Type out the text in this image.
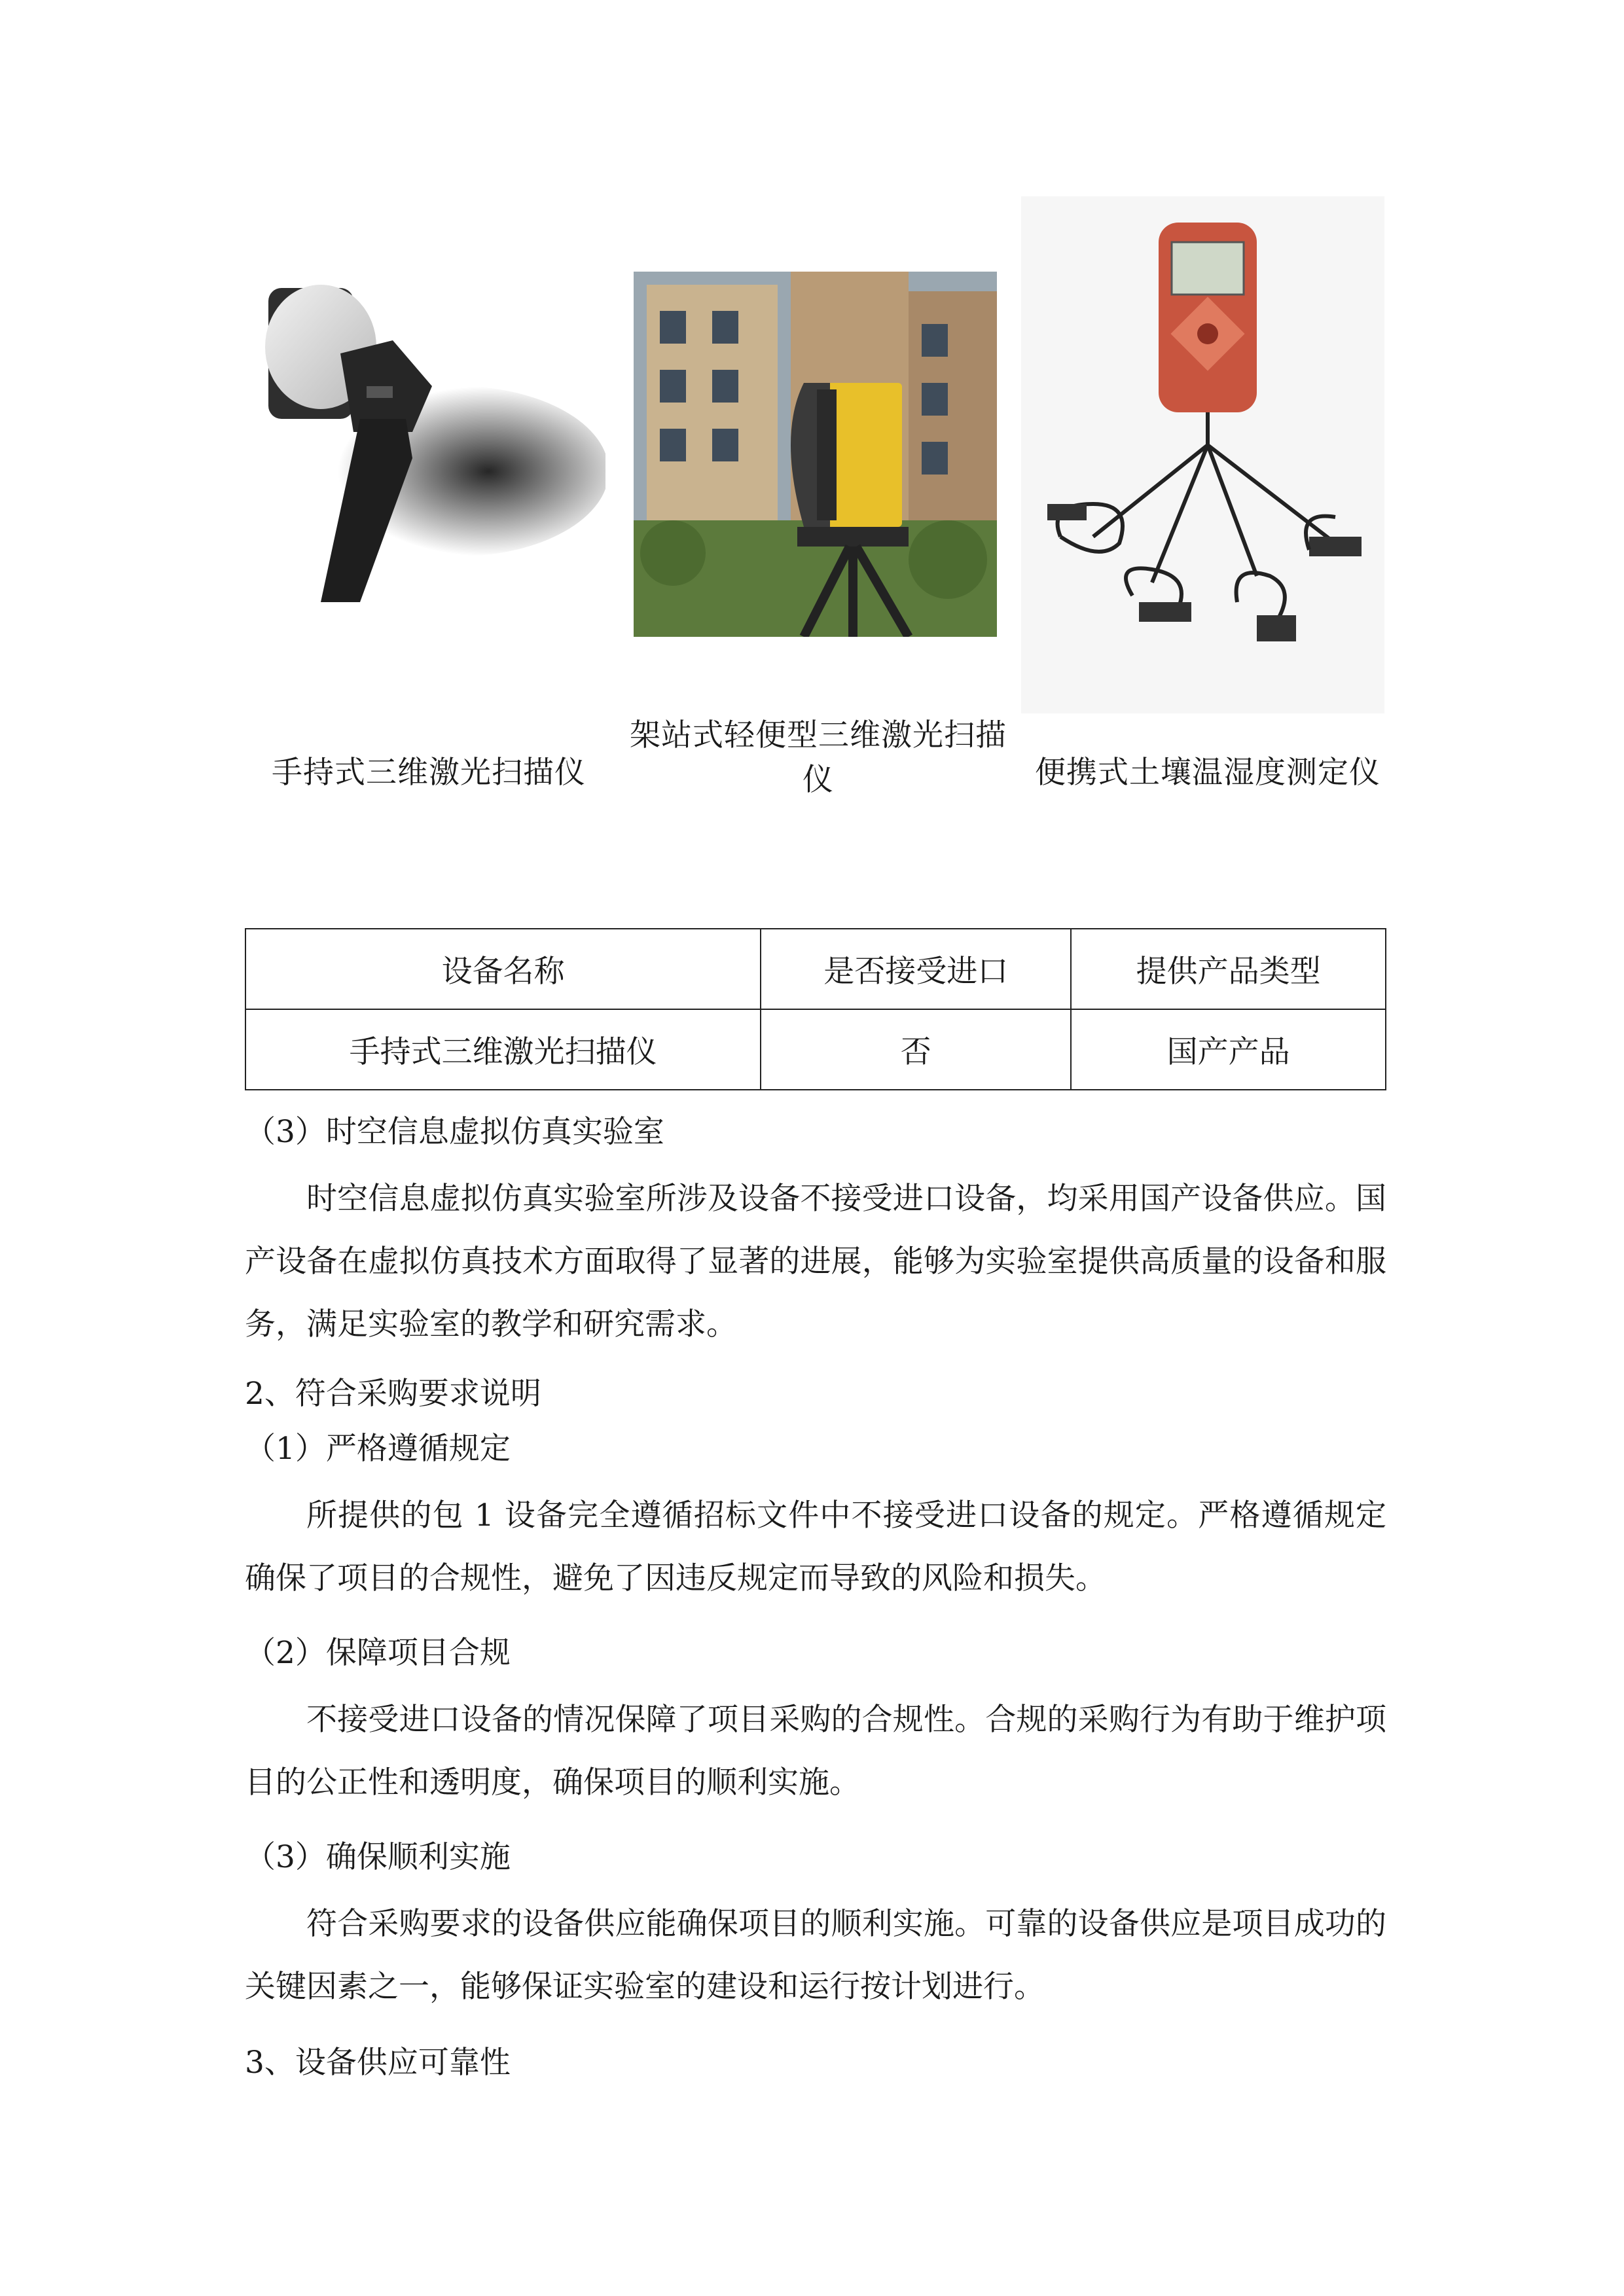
手持式三维激光扫描仪
架站式轻便型三维激光扫描
仪	便携式土壤温湿度测定仪
设备名称	是否接受进口	提供产品类型
手持式三维激光扫描仪	否	国产产品
（3）时空信息虚拟仿真实验室
时空信息虚拟仿真实验室所涉及设备不接受进口设备，均采用国产设备供应。国产设备在虚拟仿真技术方面取得了显著的进展，能够为实验室提供高质量的设备和服务，满足实验室的教学和研究需求。
2、符合采购要求说明
（1）严格遵循规定
所提供的包 1 设备完全遵循招标文件中不接受进口设备的规定。严格遵循规定确保了项目的合规性，避免了因违反规定而导致的风险和损失。
（2）保障项目合规
不接受进口设备的情况保障了项目采购的合规性。合规的采购行为有助于维护项目的公正性和透明度，确保项目的顺利实施。
（3）确保顺利实施
符合采购要求的设备供应能确保项目的顺利实施。可靠的设备供应是项目成功的关键因素之一，能够保证实验室的建设和运行按计划进行。
3、设备供应可靠性
